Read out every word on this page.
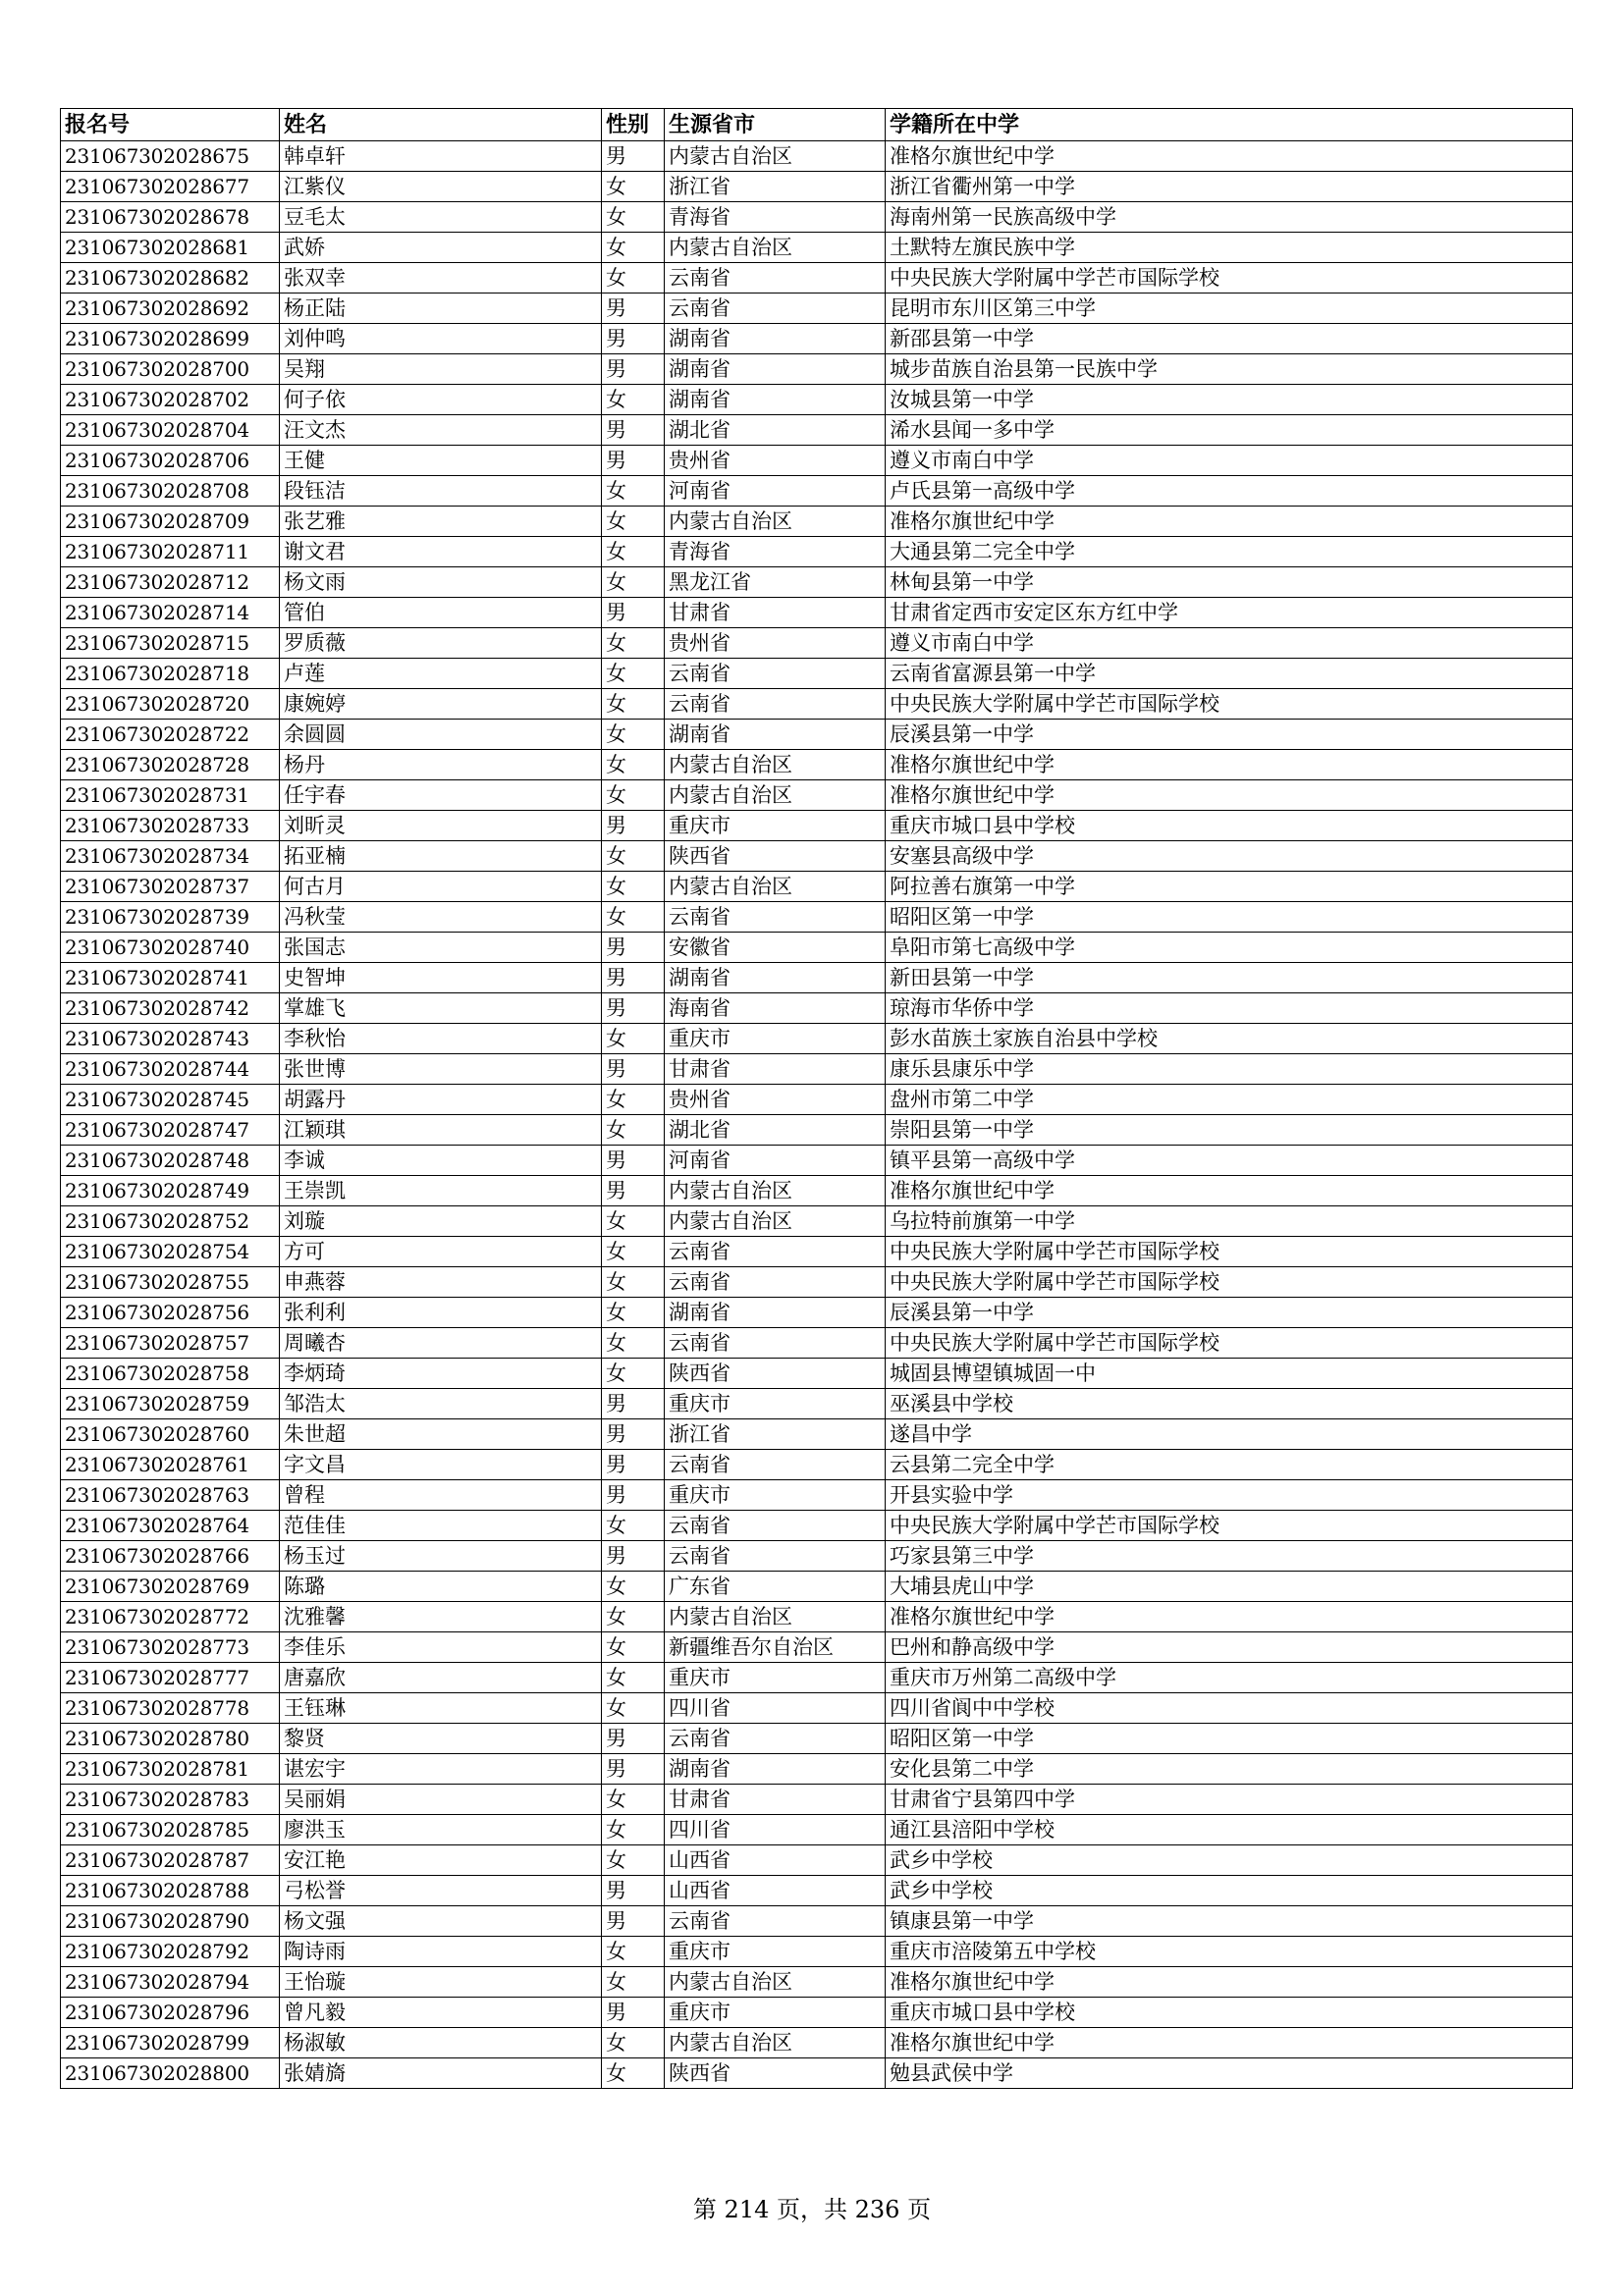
报名号	姓名	性别	生源省市	学籍所在中学
231067302028675	韩卓轩	男	内蒙古自治区	准格尔旗世纪中学
231067302028677	江紫仪	女	浙江省	浙江省衢州第一中学
231067302028678	豆毛太	女	青海省	海南州第一民族高级中学
231067302028681	武娇	女	内蒙古自治区	土默特左旗民族中学
231067302028682	张双幸	女	云南省	中央民族大学附属中学芒市国际学校
231067302028692	杨正陆	男	云南省	昆明市东川区第三中学
231067302028699	刘仲鸣	男	湖南省	新邵县第一中学
231067302028700	吴翔	男	湖南省	城步苗族自治县第一民族中学
231067302028702	何子依	女	湖南省	汝城县第一中学
231067302028704	汪文杰	男	湖北省	浠水县闻一多中学
231067302028706	王健	男	贵州省	遵义市南白中学
231067302028708	段钰洁	女	河南省	卢氏县第一高级中学
231067302028709	张艺雅	女	内蒙古自治区	准格尔旗世纪中学
231067302028711	谢文君	女	青海省	大通县第二完全中学
231067302028712	杨文雨	女	黑龙江省	林甸县第一中学
231067302028714	管伯	男	甘肃省	甘肃省定西市安定区东方红中学
231067302028715	罗质薇	女	贵州省	遵义市南白中学
231067302028718	卢莲	女	云南省	云南省富源县第一中学
231067302028720	康婉婷	女	云南省	中央民族大学附属中学芒市国际学校
231067302028722	余圆圆	女	湖南省	辰溪县第一中学
231067302028728	杨丹	女	内蒙古自治区	准格尔旗世纪中学
231067302028731	任宇春	女	内蒙古自治区	准格尔旗世纪中学
231067302028733	刘昕灵	男	重庆市	重庆市城口县中学校
231067302028734	拓亚楠	女	陕西省	安塞县高级中学
231067302028737	何古月	女	内蒙古自治区	阿拉善右旗第一中学
231067302028739	冯秋莹	女	云南省	昭阳区第一中学
231067302028740	张国志	男	安徽省	阜阳市第七高级中学
231067302028741	史智坤	男	湖南省	新田县第一中学
231067302028742	掌雄飞	男	海南省	琼海市华侨中学
231067302028743	李秋怡	女	重庆市	彭水苗族土家族自治县中学校
231067302028744	张世博	男	甘肃省	康乐县康乐中学
231067302028745	胡露丹	女	贵州省	盘州市第二中学
231067302028747	江颖琪	女	湖北省	崇阳县第一中学
231067302028748	李诚	男	河南省	镇平县第一高级中学
231067302028749	王崇凯	男	内蒙古自治区	准格尔旗世纪中学
231067302028752	刘璇	女	内蒙古自治区	乌拉特前旗第一中学
231067302028754	方可	女	云南省	中央民族大学附属中学芒市国际学校
231067302028755	申燕蓉	女	云南省	中央民族大学附属中学芒市国际学校
231067302028756	张利利	女	湖南省	辰溪县第一中学
231067302028757	周曦杏	女	云南省	中央民族大学附属中学芒市国际学校
231067302028758	李炳琦	女	陕西省	城固县博望镇城固一中
231067302028759	邹浩太	男	重庆市	巫溪县中学校
231067302028760	朱世超	男	浙江省	遂昌中学
231067302028761	字文昌	男	云南省	云县第二完全中学
231067302028763	曾程	男	重庆市	开县实验中学
231067302028764	范佳佳	女	云南省	中央民族大学附属中学芒市国际学校
231067302028766	杨玉过	男	云南省	巧家县第三中学
231067302028769	陈璐	女	广东省	大埔县虎山中学
231067302028772	沈雅馨	女	内蒙古自治区	准格尔旗世纪中学
231067302028773	李佳乐	女	新疆维吾尔自治区	巴州和静高级中学
231067302028777	唐嘉欣	女	重庆市	重庆市万州第二高级中学
231067302028778	王钰琳	女	四川省	四川省阆中中学校
231067302028780	黎贤	男	云南省	昭阳区第一中学
231067302028781	谌宏宇	男	湖南省	安化县第二中学
231067302028783	吴丽娟	女	甘肃省	甘肃省宁县第四中学
231067302028785	廖洪玉	女	四川省	通江县涪阳中学校
231067302028787	安江艳	女	山西省	武乡中学校
231067302028788	弓松誉	男	山西省	武乡中学校
231067302028790	杨文强	男	云南省	镇康县第一中学
231067302028792	陶诗雨	女	重庆市	重庆市涪陵第五中学校
231067302028794	王怡璇	女	内蒙古自治区	准格尔旗世纪中学
231067302028796	曾凡毅	男	重庆市	重庆市城口县中学校
231067302028799	杨淑敏	女	内蒙古自治区	准格尔旗世纪中学
231067302028800	张婧旖	女	陕西省	勉县武侯中学
第 214 页，共 236 页
